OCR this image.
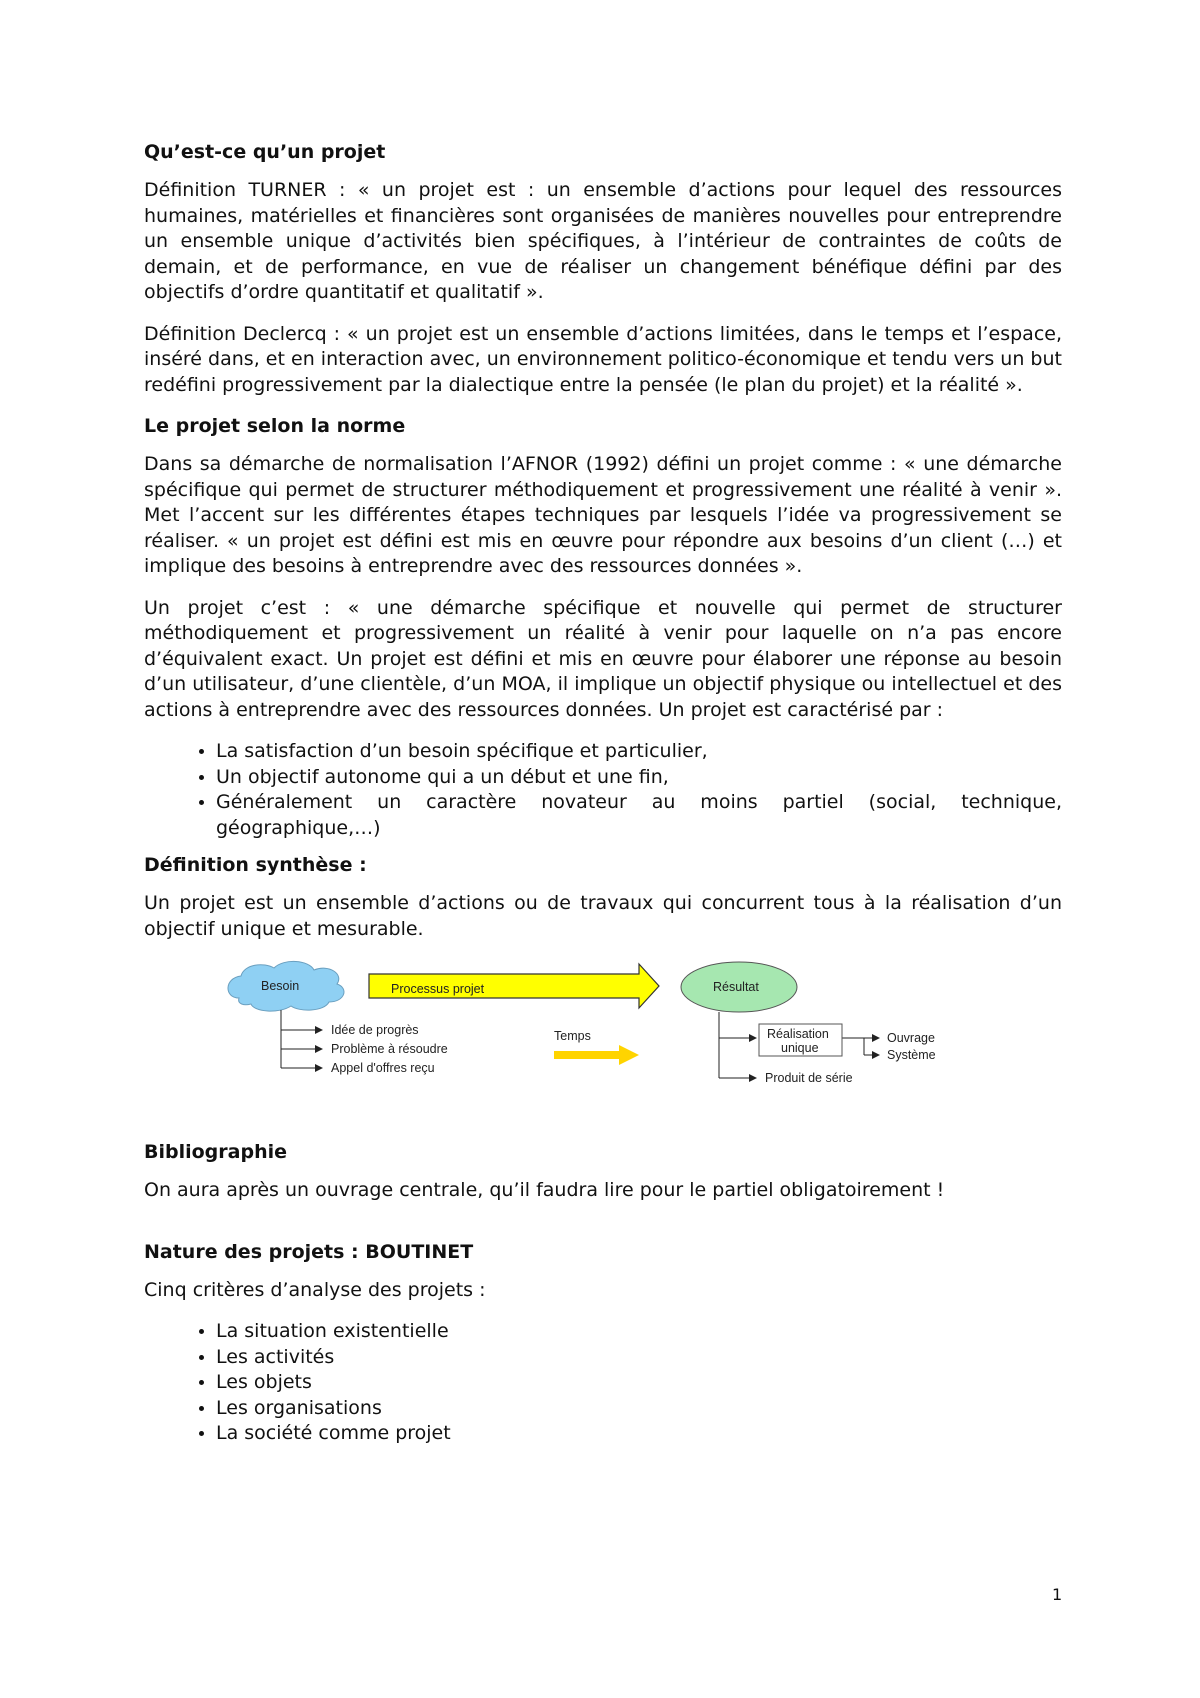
Qu’est-ce qu’un projet

Définition TURNER : « un projet est : un ensemble d’actions pour lequel des ressources humaines, matérielles et financières sont organisées de manières nouvelles pour entreprendre un ensemble unique d’activités bien spécifiques, à l’intérieur de contraintes de coûts de demain, et de performance, en vue de réaliser un changement bénéfique défini par des objectifs d’ordre quantitatif et qualitatif ».

Définition Declercq : « un projet est un ensemble d’actions limitées, dans le temps et l’espace, inséré dans, et en interaction avec, un environnement politico-économique et tendu vers un but redéfini progressivement par la dialectique entre la pensée (le plan du projet) et la réalité ».

Le projet selon la norme

Dans sa démarche de normalisation l’AFNOR (1992) défini un projet comme : « une démarche spécifique qui permet de structurer méthodiquement et progressivement une réalité à venir ». Met l’accent sur les différentes étapes techniques par lesquels l’idée va progressivement se réaliser. « un projet est défini est mis en œuvre pour répondre aux besoins d’un client (…) et implique des besoins à entreprendre avec des ressources données ».

Un projet c’est : « une démarche spécifique et nouvelle qui permet de structurer méthodiquement et progressivement un réalité à venir pour laquelle on n’a pas encore d’équivalent exact. Un projet est défini et mis en œuvre pour élaborer une réponse au besoin d’un utilisateur, d’une clientèle, d’un MOA, il implique un objectif physique ou intellectuel et des actions à entreprendre avec des ressources données. Un projet est caractérisé par :

• La satisfaction d’un besoin spécifique et particulier,
• Un objectif autonome qui a un début et une fin,
• Généralement un caractère novateur au moins partiel (social, technique, géographique,…)
Définition synthèse :

Un projet est un ensemble d’actions ou de travaux qui concurrent tous à la réalisation d’un objectif unique et mesurable.

Besoin	Processus projet	Résultat
Idée de progrès
Problème à résoudre
Appel d'offres reçu
Temps	Réalisation
unique
Ouvrage
Système
Produit de série
Bibliographie

On aura après un ouvrage centrale, qu’il faudra lire pour le partiel obligatoirement !

Nature des projets : BOUTINET

Cinq critères d’analyse des projets :

• La situation existentielle
• Les activités
• Les objets
• Les organisations
• La société comme projet
1
